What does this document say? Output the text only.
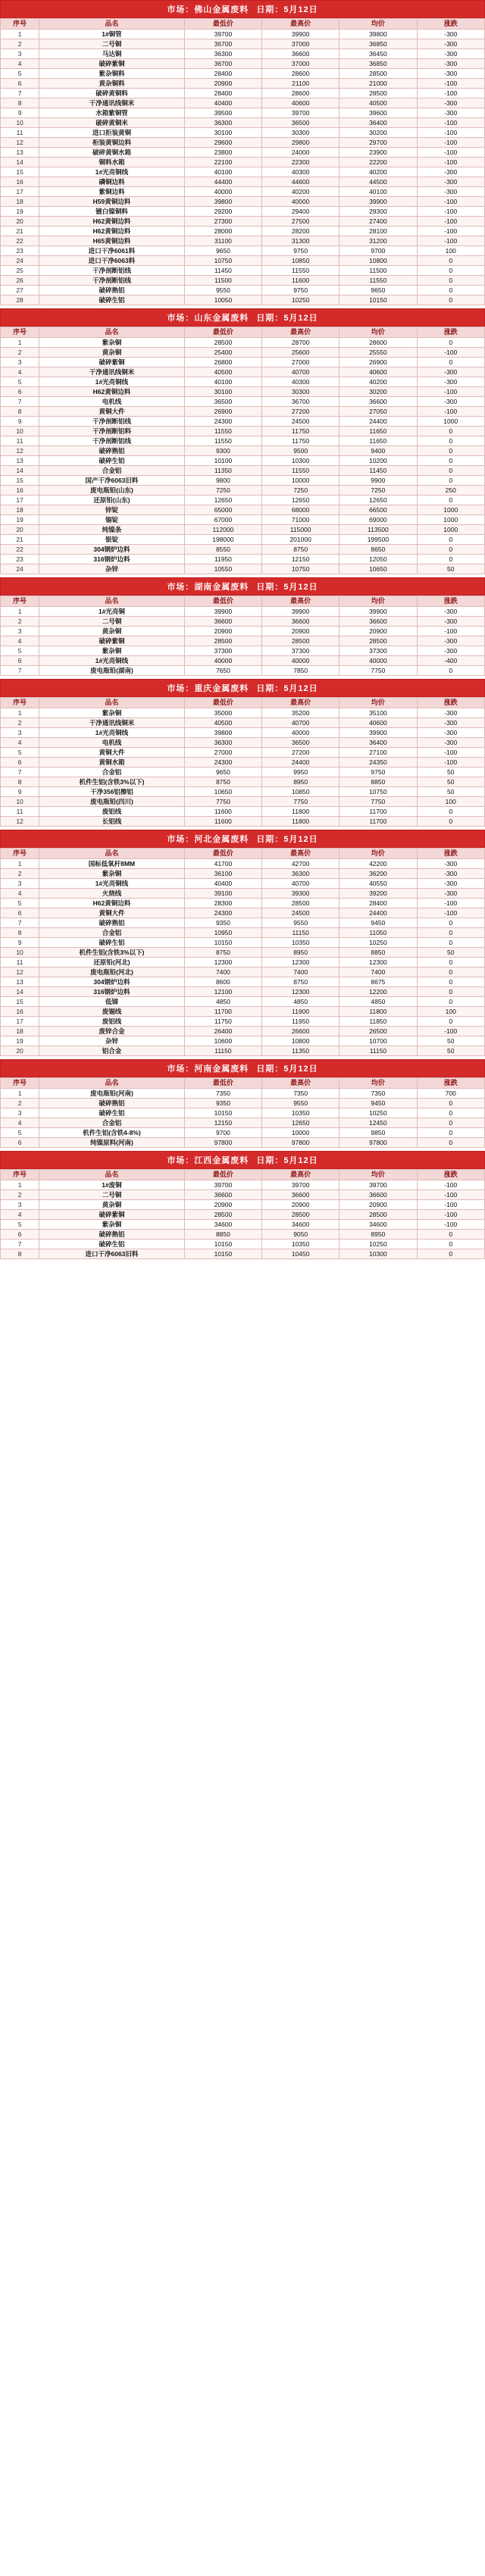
市场：佛山金属废料 日期：5月12日
序号	品名	最低价	最高价	均价	涨跌
1	1#铜管	39700	39900	39800	-300
2	二号铜	36700	37000	36850	-300
3	马达铜	36300	36600	36450	-300
4	破碎紫铜	36700	37000	36850	-300
5	紫杂铜料	28400	28600	28500	-300
6	黄杂铜料	20900	21100	21000	-100
7	破碎黄铜料	28400	28600	28500	-100
8	干净通讯线铜米	40400	40600	40500	-300
9	水箱紫铜管	39500	39700	39600	-300
10	破碎黄铜米	36300	36500	36400	-100
11	进口拒装黄铜	30100	30300	30200	-100
12	柜装黄铜边料	29600	29800	29700	-100
13	破碎黄铜水箱	23800	24000	23900	-100
14	铜料水箱	22100	22300	22200	-100
15	1#光亮铜线	40100	40300	40200	-300
16	磷铜边料	44400	44600	44500	-300
17	紫铜边料	40000	40200	40100	-300
18	H59黄铜边料	39800	40000	39900	-100
19	镀白镍铜料	29200	29400	29300	-100
20	H62黄铜边料	27300	27500	27400	-100
21	H62黄铜边料	28000	28200	28100	-100
22	H65黄铜边料	31100	31300	31200	-100
23	进口干净6061料	9650	9750	9700	100
24	进口干净6063料	10750	10850	10800	0
25	干净剖断铝线	11450	11550	11500	0
26	干净剖断铝线	11500	11600	11550	0
27	破碎熟铝	9550	9750	9650	0
28	破碎生铝	10050	10250	10150	0
市场：山东金属废料 日期：5月12日
序号	品名	最低价	最高价	均价	涨跌
1	紫杂铜	28500	28700	28600	0
2	黄杂铜	25400	25600	25550	-100
3	破碎紫铜	26800	27000	26900	0
4	干净通讯线铜米	40500	40700	40600	-300
5	1#光亮铜线	40100	40300	40200	-300
6	H62黄铜边料	30100	30300	30200	-100
7	电机线	36500	36700	36600	-300
8	黄铜大件	26900	27200	27050	-100
9	干净剖断铝线	24300	24500	24400	1000
10	干净剖断铝料	11550	11750	11650	0
11	干净剖断铝线	11550	11750	11650	0
12	破碎熟铝	9300	9500	9400	0
13	破碎生铝	10100	10300	10200	0
14	合金铝	11350	11550	11450	0
15	国产干净6063旧料	9800	10000	9900	0
16	废电瓶铅(山东)	7250	7250	7250	250
17	还原铅(山东)	12650	12650	12650	0
18	锌锭	65000	68000	66500	1000
19	锡锭	67000	71000	69000	1000
20	纯镍条	112000	115000	113500	1000
21	银锭	198000	201000	199500	0
22	304钢炉边料	8550	8750	8650	0
23	316钢炉边料	11950	12150	12050	0
24	杂锌	10550	10750	10650	50
市场：湖南金属废料 日期：5月12日
序号	品名	最低价	最高价	均价	涨跌
1	1#光亮铜	39900	39900	39900	-300
2	二号铜	36600	36600	36600	-300
3	黄杂铜	20900	20900	20900	-100
4	破碎紫铜	28500	28500	28500	-300
5	紫杂铜	37300	37300	37300	-300
6	1#光亮铜线	40000	40000	40000	-400
7	废电瓶铅(湖南)	7650	7850	7750	0
市场：重庆金属废料 日期：5月12日
序号	品名	最低价	最高价	均价	涨跌
1	紫杂铜	35000	35200	35100	-300
2	干净通讯线铜米	40500	40700	40600	-300
3	1#光亮铜线	39800	40000	39900	-300
4	电机线	36300	36500	36400	-300
5	黄铜大件	27000	27200	27100	-100
6	黄铜水箱	24300	24400	24350	-100
7	合金铝	9650	9950	9750	50
8	机件生铝(含铁3%以下)	8750	8950	8850	50
9	干净356铝擦铝	10650	10850	10750	50
10	废电瓶铅(四川)	7750	7750	7750	100
11	废铝线	11600	11800	11700	0
12	长铝线	11600	11800	11700	0
市场：河北金属废料 日期：5月12日
序号	品名	最低价	最高价	均价	涨跌
1	国标低氧杆8MM	41700	42700	42200	-300
2	紫杂铜	36100	36300	36200	-300
3	1#光亮铜线	40400	40700	40550	-300
4	火烧线	39100	39300	39200	-300
5	H62黄铜边料	28300	28500	28400	-100
6	黄铜大件	24300	24500	24400	-100
7	破碎熟铝	9350	9550	9450	0
8	合金铝	10950	11150	11050	0
9	破碎生铝	10150	10350	10250	0
10	机件生铝(含铁3%以下)	8750	8950	8850	50
11	还原铅(河北)	12300	12300	12300	0
12	废电瓶铅(河北)	7400	7400	7400	0
13	304钢炉边料	8600	8750	8675	0
14	316钢炉边料	12100	12300	12200	0
15	低锑	4850	4850	4850	0
16	废锡线	11700	11900	11800	100
17	废铝线	11750	11950	11850	0
18	废锌合金	26400	26600	26500	-100
19	杂锌	10600	10800	10700	50
20	铝合金	11150	11350	11150	50
市场：河南金属废料 日期：5月12日
序号	品名	最低价	最高价	均价	涨跌
1	废电瓶铅(河南)	7350	7350	7350	700
2	破碎熟铝	9350	9550	9450	0
3	破碎生铝	10150	10350	10250	0
4	合金铝	12150	12650	12450	0
5	机件生铝(含铁4-8%)	9700	10000	9850	0
6	纯镍原料(河南)	97800	97800	97800	0
市场：江西金属废料 日期：5月12日
序号	品名	最低价	最高价	均价	涨跌
1	1#废铜	39700	39700	39700	-100
2	二号铜	36600	36600	36600	-100
3	黄杂铜	20900	20900	20900	-100
4	破碎紫铜	28500	28500	28500	-100
5	紫杂铜	34600	34600	34600	-100
6	破碎熟铝	8850	9050	8950	0
7	破碎生铝	10150	10350	10250	0
8	进口干净6063旧料	10150	10450	10300	0
